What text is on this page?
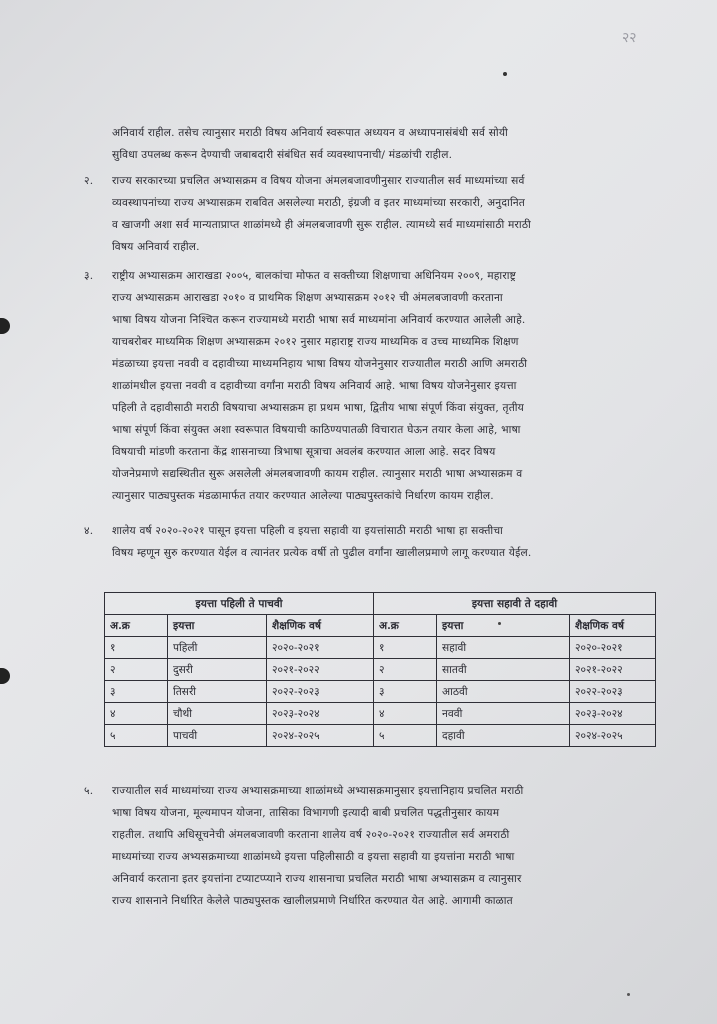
२२
अनिवार्य राहील. तसेच त्यानुसार मराठी विषय अनिवार्य स्वरूपात अध्ययन व अध्यापनासंबंधी सर्व सोयी
सुविधा उपलब्ध करून देण्याची जबाबदारी संबंधित सर्व व्यवस्थापनाची/ मंडळांची राहील.
२. राज्य सरकारच्या प्रचलित अभ्यासक्रम व विषय योजना अंमलबजावणीनुसार राज्यातील सर्व माध्यमांच्या सर्व
व्यवस्थापनांच्या राज्य अभ्यासक्रम राबवित असलेल्या मराठी, इंग्रजी व इतर माध्यमांच्या सरकारी, अनुदानित
व खाजगी अशा सर्व मान्यताप्राप्त शाळांमध्ये ही अंमलबजावणी सुरू राहील. त्यामध्ये सर्व माध्यमांसाठी मराठी
विषय अनिवार्य राहील.
३. राष्ट्रीय अभ्यासक्रम आराखडा २००५, बालकांचा मोफत व सक्तीच्या शिक्षणाचा अधिनियम २००९, महाराष्ट्र
राज्य अभ्यासक्रम आराखडा २०१० व प्राथमिक शिक्षण अभ्यासक्रम २०१२ ची अंमलबजावणी करताना
भाषा विषय योजना निश्चित करून राज्यामध्ये मराठी भाषा सर्व माध्यमांना अनिवार्य करण्यात आलेली आहे.
याचबरोबर माध्यमिक शिक्षण अभ्यासक्रम २०१२ नुसार महाराष्ट्र राज्य माध्यमिक व उच्च माध्यमिक शिक्षण
मंडळाच्या इयत्ता नववी व दहावीच्या माध्यमनिहाय भाषा विषय योजनेनुसार राज्यातील मराठी आणि अमराठी
शाळांमधील इयत्ता नववी व दहावीच्या वर्गांना मराठी विषय अनिवार्य आहे. भाषा विषय योजनेनुसार इयत्ता
पहिली ते दहावीसाठी मराठी विषयाचा अभ्यासक्रम हा प्रथम भाषा, द्वितीय भाषा संपूर्ण किंवा संयुक्त, तृतीय
भाषा संपूर्ण किंवा संयुक्त अशा स्वरूपात विषयाची काठिण्यपातळी विचारात घेऊन तयार केला आहे, भाषा
विषयाची मांडणी करताना केंद्र शासनाच्या त्रिभाषा सूत्राचा अवलंब करण्यात आला आहे. सदर विषय
योजनेप्रमाणे सद्यस्थितीत सुरू असलेली अंमलबजावणी कायम राहील. त्यानुसार मराठी भाषा अभ्यासक्रम व
त्यानुसार पाठ्यपुस्तक मंडळामार्फत तयार करण्यात आलेल्या पाठ्यपुस्तकांचे निर्धारण कायम राहील.
४. शालेय वर्ष २०२०-२०२१ पासून इयत्ता पहिली व इयत्ता सहावी या इयत्तांसाठी मराठी भाषा हा सक्तीचा
विषय म्हणून सुरु करण्यात येईल व त्यानंतर प्रत्येक वर्षी तो पुढील वर्गांना खालीलप्रमाणे लागू करण्यात येईल.
इयत्ता पहिली ते पाचवी			इयत्ता सहावी ते दहावी		
अ.क्र	इयत्ता	शैक्षणिक वर्ष	अ.क्र	इयत्ता	शैक्षणिक वर्ष
१	पहिली	२०२०-२०२१	१	सहावी	२०२०-२०२१
२	दुसरी	२०२१-२०२२	२	सातवी	२०२१-२०२२
३	तिसरी	२०२२-२०२३	३	आठवी	२०२२-२०२३
४	चौथी	२०२३-२०२४	४	नववी	२०२३-२०२४
५	पाचवी	२०२४-२०२५	५	दहावी	२०२४-२०२५
५. राज्यातील सर्व माध्यमांच्या राज्य अभ्यासक्रमाच्या शाळांमध्ये अभ्यासक्रमानुसार इयत्तानिहाय प्रचलित मराठी
भाषा विषय योजना, मूल्यमापन योजना, तासिका विभागणी इत्यादी बाबी प्रचलित पद्धतीनुसार कायम
राहतील. तथापि अधिसूचनेची अंमलबजावणी करताना शालेय वर्ष २०२०-२०२१ राज्यातील सर्व अमराठी
माध्यमांच्या राज्य अभ्यसक्रमाच्या शाळांमध्ये इयत्ता पहिलीसाठी व इयत्ता सहावी या इयत्तांना मराठी भाषा
अनिवार्य करताना इतर इयत्तांना टप्याटप्प्याने राज्य शासनाचा प्रचलित मराठी भाषा अभ्यासक्रम व त्यानुसार
राज्य शासनाने निर्धारित केलेले पाठ्यपुस्तक खालीलप्रमाणे निर्धारित करण्यात येत आहे. आगामी काळात
